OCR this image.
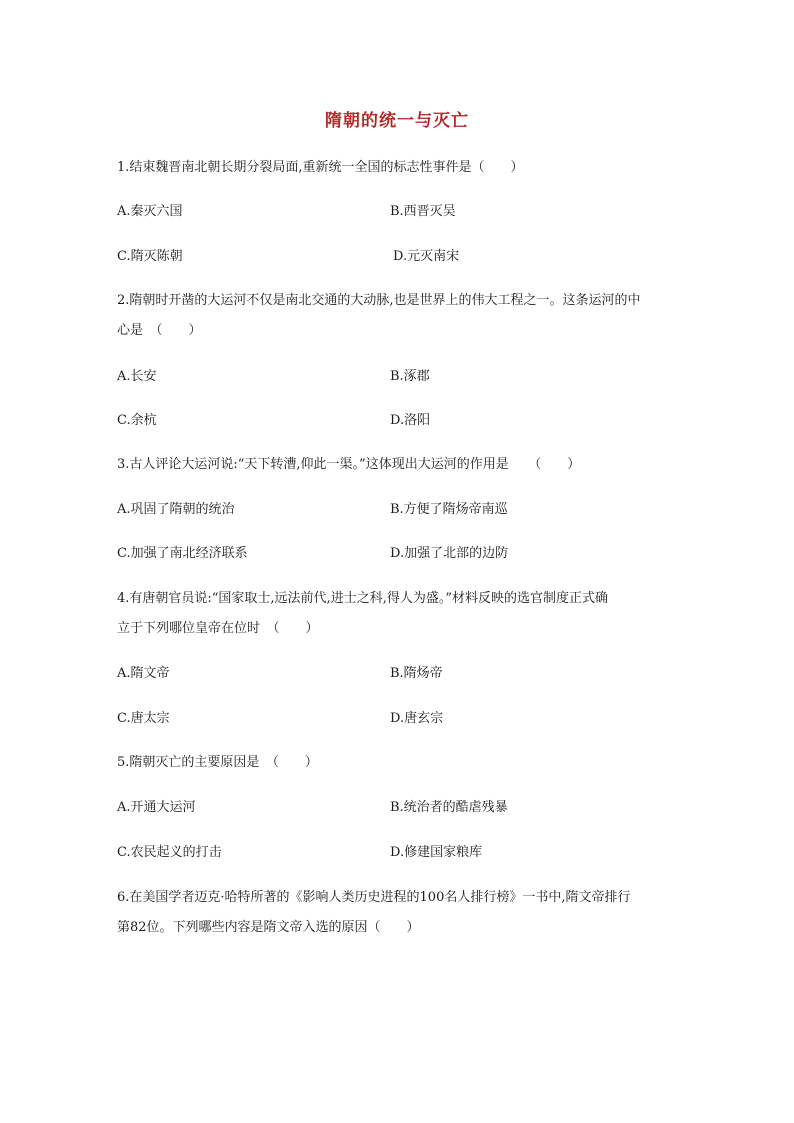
隋朝的统一与灭亡
1.结束魏晋南北朝长期分裂局面,重新统一全国的标志性事件是（　　）
A.秦灭六国	B.西晋灭吴
C.隋灭陈朝	D.元灭南宋
2.隋朝时开凿的大运河不仅是南北交通的大动脉,也是世界上的伟大工程之一。这条运河的中
心是　（　　）
A.长安	B.涿郡
C.余杭	D.洛阳
3.古人评论大运河说:“天下转漕,仰此一渠。”这体现出大运河的作用是　　（　　）
A.巩固了隋朝的统治	B.方便了隋炀帝南巡
C.加强了南北经济联系	D.加强了北部的边防
4.有唐朝官员说:“国家取士,远法前代,进士之科,得人为盛。”材料反映的选官制度正式确
立于下列哪位皇帝在位时　（　　）
A.隋文帝	B.隋炀帝
C.唐太宗	D.唐玄宗
5.隋朝灭亡的主要原因是　（　　）
A.开通大运河	B.统治者的酷虐残暴
C.农民起义的打击	D.修建国家粮库
6.在美国学者迈克·哈特所著的《影响人类历史进程的100名人排行榜》一书中,隋文帝排行
第82位。下列哪些内容是隋文帝入选的原因（　　）
